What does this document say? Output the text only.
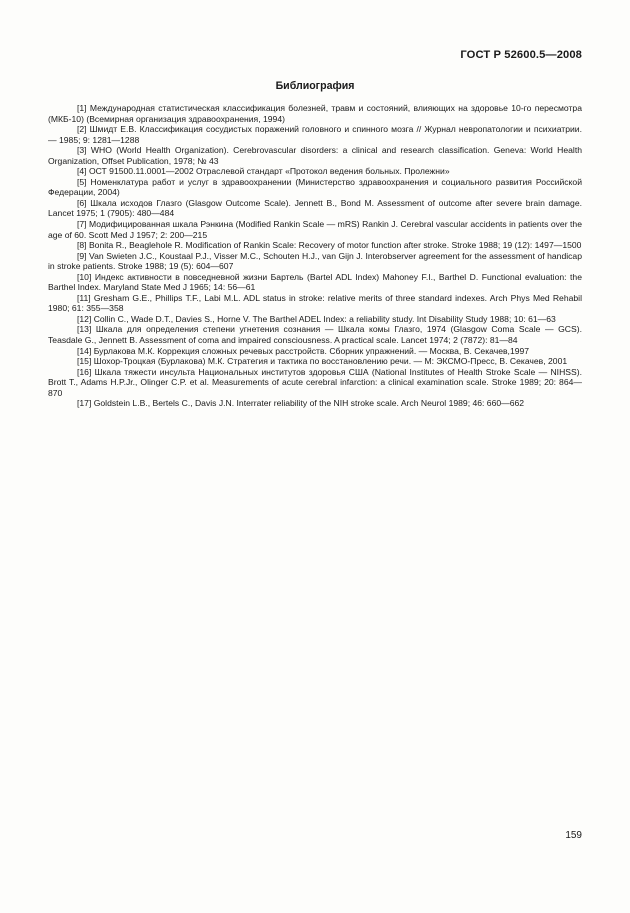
ГОСТ Р 52600.5—2008
Библиография

[1] Международная статистическая классификация болезней, травм и состояний, влияющих на здоровье 10-го пересмотра (МКБ-10) (Всемирная организация здравоохранения, 1994)

[2] Шмидт Е.В. Классификация сосудистых поражений головного и спинного мозга // Журнал невропатологии и психиатрии. — 1985; 9: 1281—1288

[3] WHO (World Health Organization). Cerebrovascular disorders: a clinical and research classification. Geneva: World Health Organization, Offset Publication, 1978; № 43

[4] ОСТ 91500.11.0001—2002 Отраслевой стандарт «Протокол ведения больных. Пролежни»

[5] Номенклатура работ и услуг в здравоохранении (Министерство здравоохранения и социального развития Российской Федерации, 2004)

[6] Шкала исходов Глазго (Glasgow Outcome Scale). Jennett B., Bond M. Assessment of outcome after severe brain damage. Lancet 1975; 1 (7905): 480—484

[7] Модифицированная шкала Рэнкина (Modified Rankin Scale — mRS) Rankin J. Cerebral vascular accidents in patients over the age of 60. Scott Med J 1957; 2: 200—215

[8] Bonita R., Beaglehole R. Modification of Rankin Scale: Recovery of motor function after stroke. Stroke 1988; 19 (12): 1497—1500

[9] Van Swieten J.C., Koustaal P.J., Visser M.C., Schouten H.J., van Gijn J. Interobserver agreement for the assessment of handicap in stroke patients. Stroke 1988; 19 (5): 604—607

[10] Индекс активности в повседневной жизни Бартель (Bartel ADL Index) Mahoney F.I., Barthel D. Functional evaluation: the Barthel Index. Maryland State Med J 1965; 14: 56—61

[11] Gresham G.E., Phillips T.F., Labi M.L. ADL status in stroke: relative merits of three standard indexes. Arch Phys Med Rehabil 1980; 61: 355—358

[12] Collin C., Wade D.T., Davies S., Horne V. The Barthel ADEL Index: a reliability study. Int Disability Study 1988; 10: 61—63

[13] Шкала для определения степени угнетения сознания — Шкала комы Глазго, 1974 (Glasgow Coma Scale — GCS). Teasdale G., Jennett B. Assessment of coma and impaired consciousness. A practical scale. Lancet 1974; 2 (7872): 81—84

[14] Бурлакова М.К. Коррекция сложных речевых расстройств. Сборник упражнений. — Москва, В. Секачев,1997

[15] Шохор-Троцкая (Бурлакова) М.К. Стратегия и тактика по восстановлению речи. — М: ЭКСМО-Пресс, В. Секачев, 2001

[16] Шкала тяжести инсульта Национальных институтов здоровья США (National Institutes of Health Stroke Scale — NIHSS). Brott T., Adams H.P.Jr., Olinger C.P. et al. Measurements of acute cerebral infarction: a clinical examination scale. Stroke 1989; 20: 864—870

[17] Goldstein L.B., Bertels C., Davis J.N. Interrater reliability of the NIH stroke scale. Arch Neurol 1989; 46: 660—662

159
